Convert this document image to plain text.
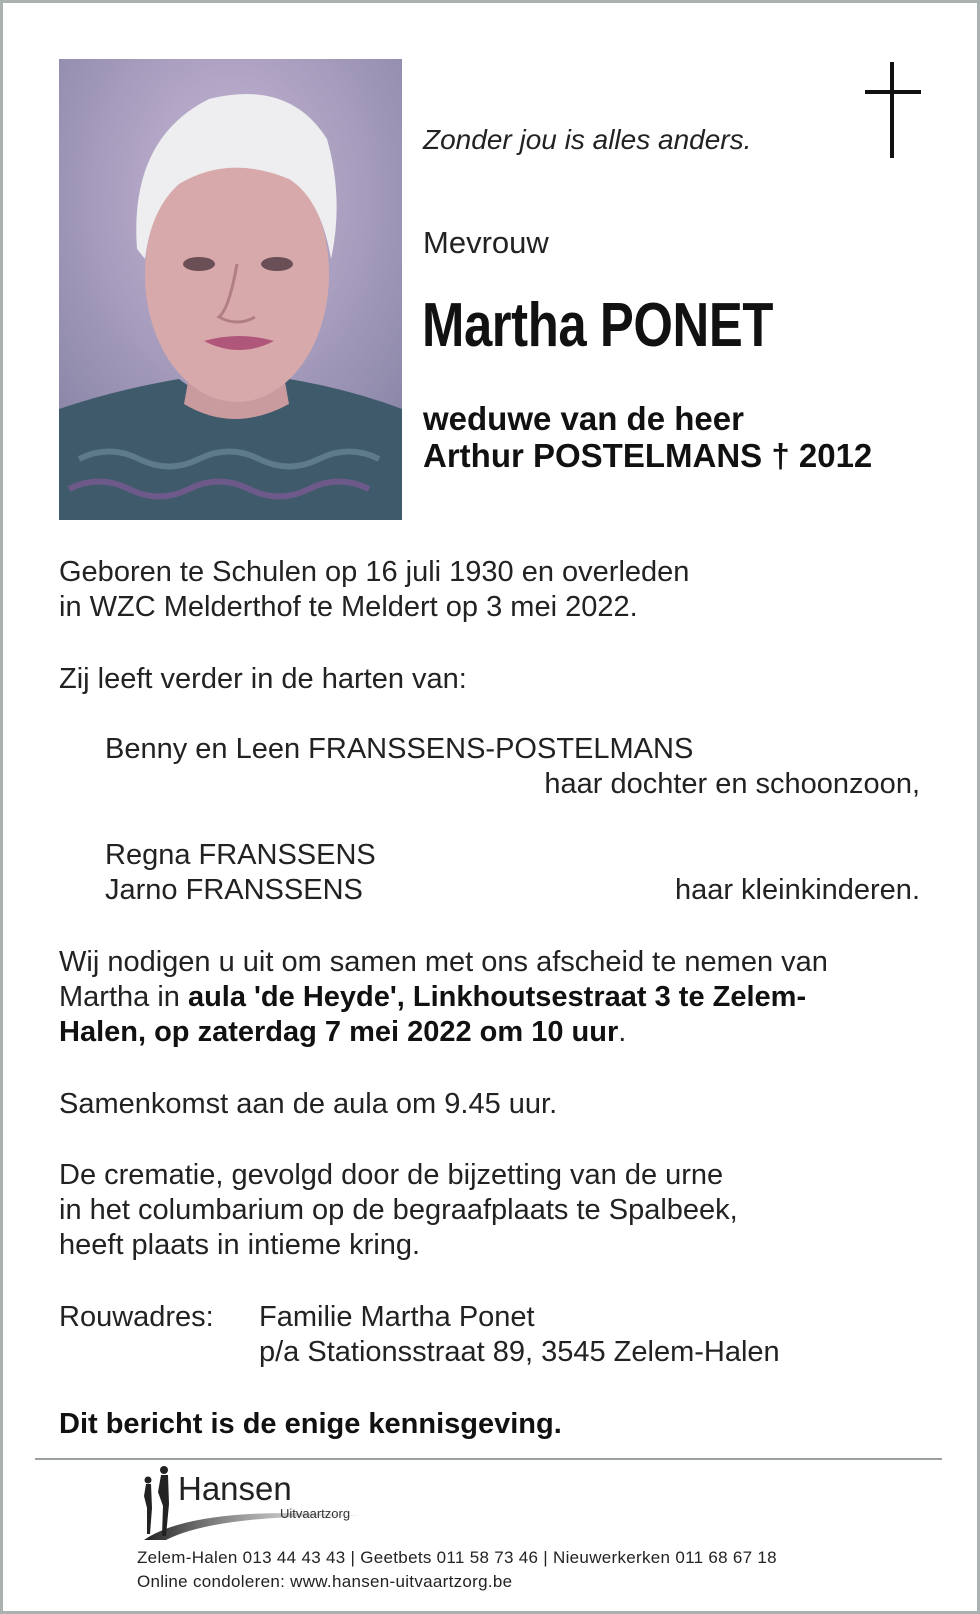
Zonder jou is alles anders.
Mevrouw
Martha PONET
weduwe van de heer
Arthur POSTELMANS † 2012
Geboren te Schulen op 16 juli 1930 en overleden
in WZC Melderthof te Meldert op 3 mei 2022.
Zij leeft verder in de harten van:
Benny en Leen FRANSSENS-POSTELMANS
haar dochter en schoonzoon,
Regna FRANSSENS
Jarno FRANSSENS	haar kleinkinderen.
Wij nodigen u uit om samen met ons afscheid te nemen van
Martha in aula 'de Heyde', Linkhoutsestraat 3 te Zelem-
Halen, op zaterdag 7 mei 2022 om 10 uur.
Samenkomst aan de aula om 9.45 uur.
De crematie, gevolgd door de bijzetting van de urne
in het columbarium op de begraafplaats te Spalbeek,
heeft plaats in intieme kring.
Rouwadres: Familie Martha Ponet
p/a Stationsstraat 89, 3545 Zelem-Halen
Dit bericht is de enige kennisgeving.
Hansen
Uitvaartzorg
Zelem-Halen 013 44 43 43 | Geetbets 011 58 73 46 | Nieuwerkerken 011 68 67 18
Online condoleren: www.hansen-uitvaartzorg.be
